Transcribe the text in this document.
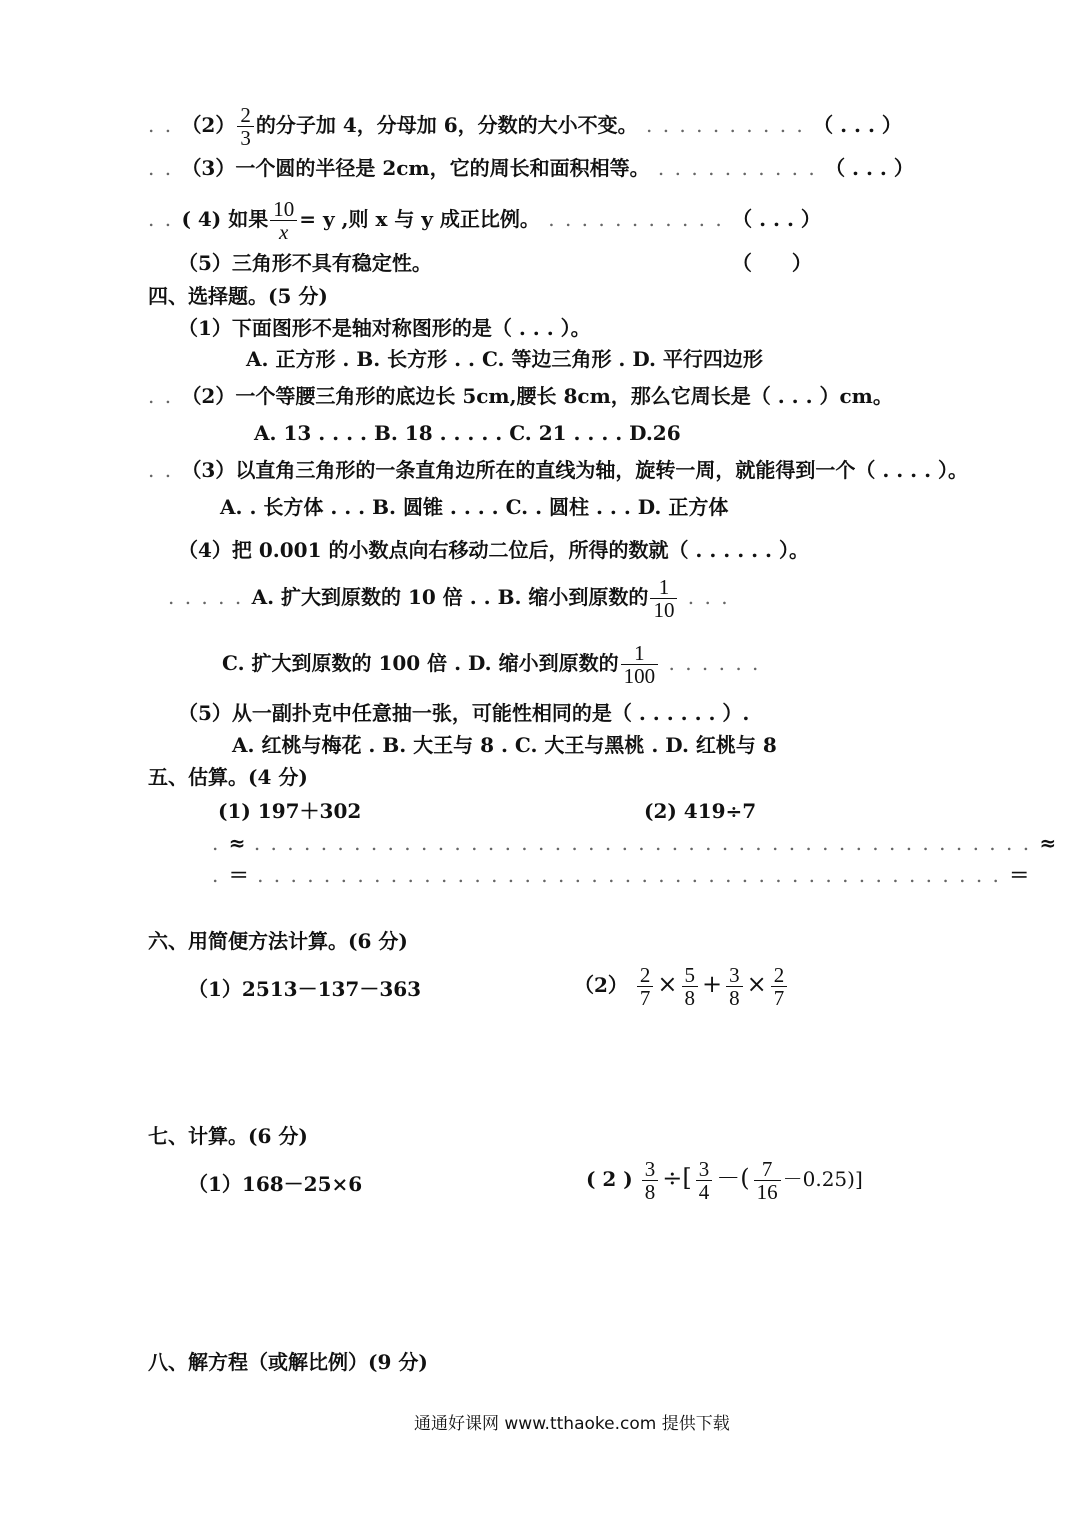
. . $(2) \frac{2}{3}$ 的分子加 4，分母加 6，分数的大小不变。 . . . . . . . . . . （ . . . ）
. . （3）一个圆的半径是 2cm，它的周长和面积相等。 . . . . . . . . . . （ . . . ）
. . ( 4) 如果 $\frac{10}{x} = y$ ,则 x 与 y 成正比例。 . . . . . . . . . . . （ . . . ）
（5）三角形不具有稳定性。	（　　）
四、选择题。(5 分)
（1）下面图形不是轴对称图形的是（ . . . ）。
A. 正方形 . B. 长方形 . . C. 等边三角形 . D. 平行四边形
. . （2）一个等腰三角形的底边长 5cm,腰长 8cm，那么它周长是（ . . . ）cm。
A. 13 . . . . B. 18 . . . . . C. 21 . . . . D.26
. . （3）以直角三角形的一条直角边所在的直线为轴，旋转一周，就能得到一个（ . . . . ）。
A. . 长方体 . . . B. 圆锥 . . . . C. . 圆柱 . . . D. 正方体
（4）把 0.001 的小数点向右移动二位后，所得的数就（ . . . . . . ）。
. . . . . A. 扩大到原数的 10 倍 . . B. 缩小到原数的 $\frac{1}{10}$ . . .
C. 扩大到原数的 100 倍 . D. 缩小到原数的 $\frac{1}{100}$ . . . . . .
（5）从一副扑克中任意抽一张，可能性相同的是（ . . . . . . ）.
A. 红桃与梅花 . B. 大王与 8 . C. 大王与黑桃 . D. 红桃与 8
五、估算。(4 分)
(1) 197＋302	(2) 419÷7
. ≈ . . . . . . . . . . . . . . . . . . . . . . . . . . . . . . . . . . . . . . . . . . . . . . . ≈
. ＝ . . . . . . . . . . . . . . . . . . . . . . . . . . . . . . . . . . . . . . . . . . . . . ＝
六、用简便方法计算。(6 分)
（1）2513－137－363	$(2) \frac{2}{7} \times \frac{5}{8} + \frac{3}{8} \times \frac{2}{7}$
七、计算。(6 分)
（1）168－25×6	( 2 ) $\frac{3}{8}$ ÷[ $\frac{3}{4}$ －( $\frac{7}{16} -0.25$)]
八、解方程（或解比例）(9 分)
通通好课网 www.tthaoke.com 提供下载
